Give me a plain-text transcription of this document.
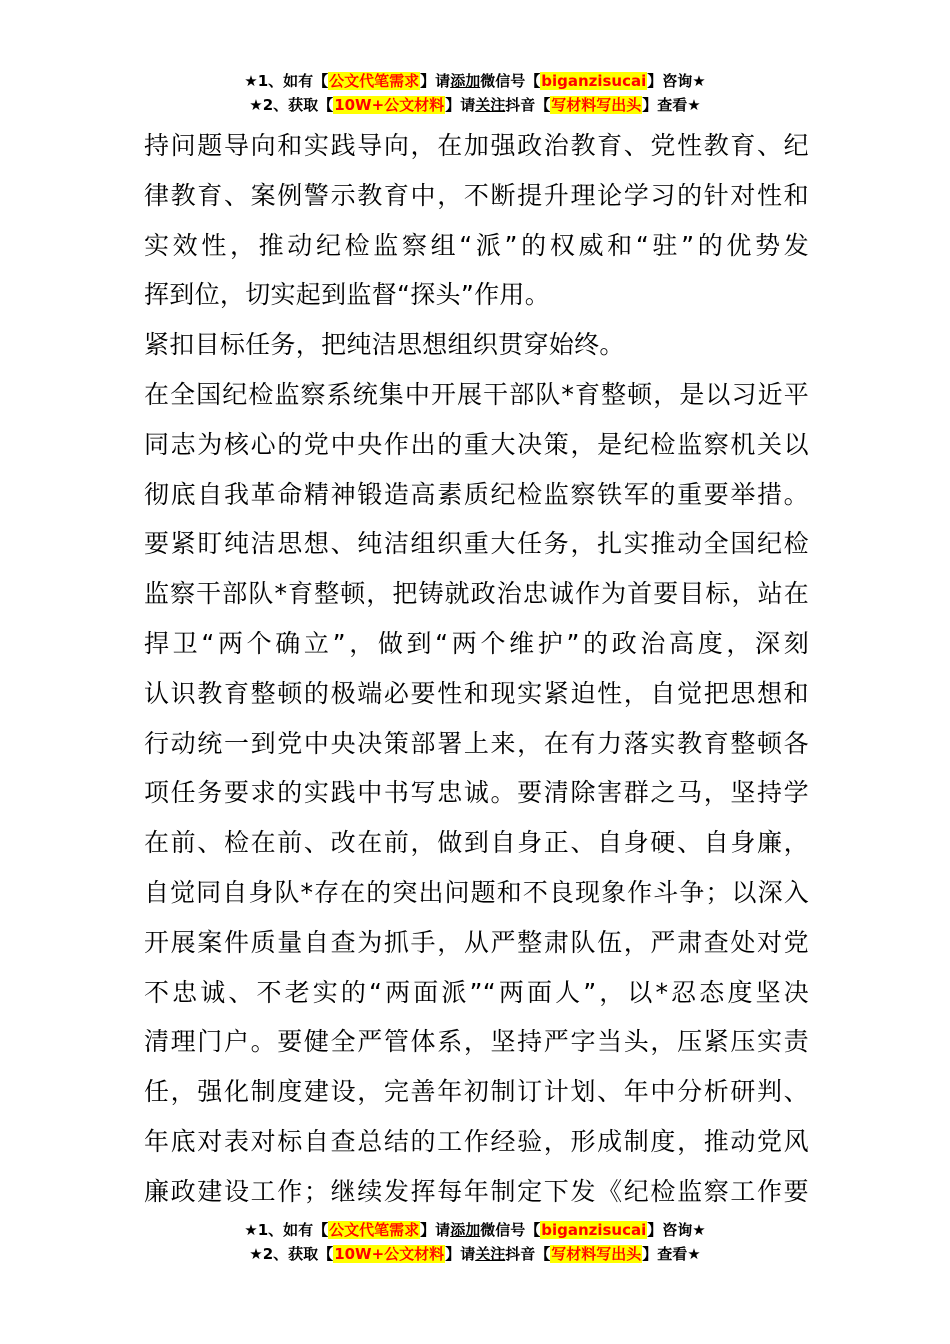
★1、如有【公文代笔需求】请添加微信号【biganzisucai】咨询★
★2、获取【10W+公文材料】请关注抖音【写材料写出头】查看★
持问题导向和实践导向，在加强政治教育、党性教育、纪
律教育、案例警示教育中，不断提升理论学习的针对性和
实效性，推动纪检监察组“派”的权威和“驻”的优势发
挥到位，切实起到监督“探头”作用。
紧扣目标任务，把纯洁思想组织贯穿始终。
在全国纪检监察系统集中开展干部队*育整顿，是以习近平
同志为核心的党中央作出的重大决策，是纪检监察机关以
彻底自我革命精神锻造高素质纪检监察铁军的重要举措。
要紧盯纯洁思想、纯洁组织重大任务，扎实推动全国纪检
监察干部队*育整顿，把铸就政治忠诚作为首要目标，站在
捍卫“两个确立”，做到“两个维护”的政治高度，深刻
认识教育整顿的极端必要性和现实紧迫性，自觉把思想和
行动统一到党中央决策部署上来，在有力落实教育整顿各
项任务要求的实践中书写忠诚。要清除害群之马，坚持学
在前、检在前、改在前，做到自身正、自身硬、自身廉，
自觉同自身队*存在的突出问题和不良现象作斗争；以深入
开展案件质量自查为抓手，从严整肃队伍，严肃查处对党
不忠诚、不老实的“两面派”“两面人”，以*忍态度坚决
清理门户。要健全严管体系，坚持严字当头，压紧压实责
任，强化制度建设，完善年初制订计划、年中分析研判、
年底对表对标自查总结的工作经验，形成制度，推动党风
廉政建设工作；继续发挥每年制定下发《纪检监察工作要
★1、如有【公文代笔需求】请添加微信号【biganzisucai】咨询★
★2、获取【10W+公文材料】请关注抖音【写材料写出头】查看★
